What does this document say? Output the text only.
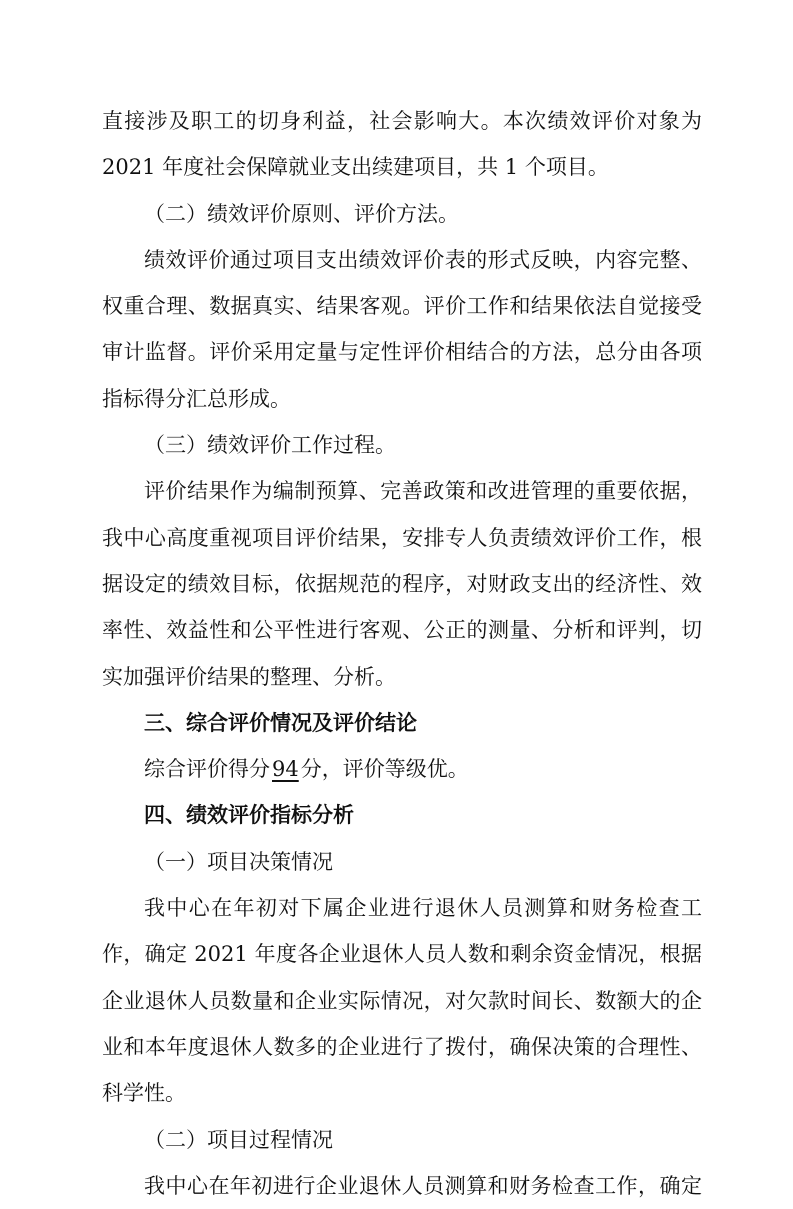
直接涉及职工的切身利益，社会影响大。本次绩效评价对象为
2021 年度社会保障就业支出续建项目，共 1 个项目。
（二）绩效评价原则、评价方法。
绩效评价通过项目支出绩效评价表的形式反映，内容完整、
权重合理、数据真实、结果客观。评价工作和结果依法自觉接受
审计监督。评价采用定量与定性评价相结合的方法，总分由各项
指标得分汇总形成。
（三）绩效评价工作过程。
评价结果作为编制预算、完善政策和改进管理的重要依据，
我中心高度重视项目评价结果，安排专人负责绩效评价工作，根
据设定的绩效目标，依据规范的程序，对财政支出的经济性、效
率性、效益性和公平性进行客观、公正的测量、分析和评判，切
实加强评价结果的整理、分析。
三、综合评价情况及评价结论
综合评价得分94分，评价等级优。
四、绩效评价指标分析
（一）项目决策情况
我中心在年初对下属企业进行退休人员测算和财务检查工
作，确定 2021 年度各企业退休人员人数和剩余资金情况，根据
企业退休人员数量和企业实际情况，对欠款时间长、数额大的企
业和本年度退休人数多的企业进行了拨付，确保决策的合理性、
科学性。
（二）项目过程情况
我中心在年初进行企业退休人员测算和财务检查工作，确定
